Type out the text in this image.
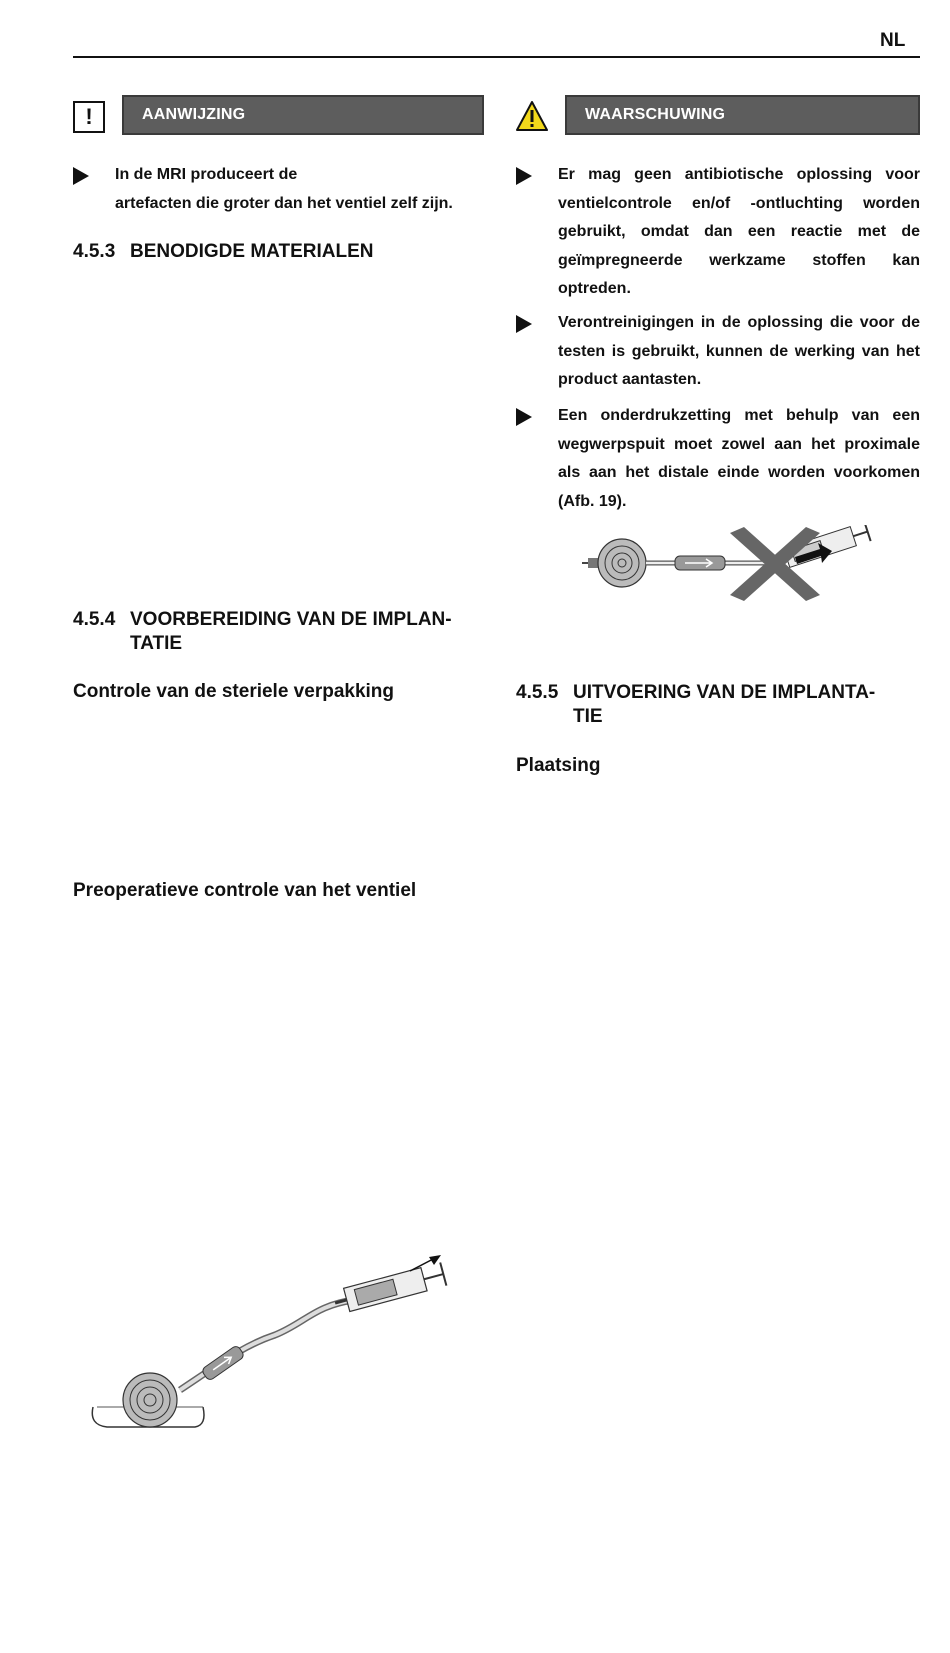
NL
!	AANWIJZING
In de MRI produceert de
artefacten die groter dan het ventiel zelf zijn.
4.5.3 BENODIGDE MATERIALEN
4.5.4 VOORBEREIDING VAN DE IMPLAN-
TATIE
Controle van de steriele verpakking
Preoperatieve controle van het ventiel
WAARSCHUWING
Er mag geen antibiotische oplossing voor ventielcontrole en/of -ontluchting worden gebruikt, omdat dan een reactie met de geïmpregneerde werkzame stoffen kan optreden.
Verontreinigingen in de oplossing die voor de testen is gebruikt, kunnen de werking van het product aantasten.
Een onderdrukzetting met behulp van een wegwerpspuit moet zowel aan het proximale als aan het distale einde worden voorkomen (Afb. 19).
4.5.5 UITVOERING VAN DE IMPLANTA-
TIE
Plaatsing
